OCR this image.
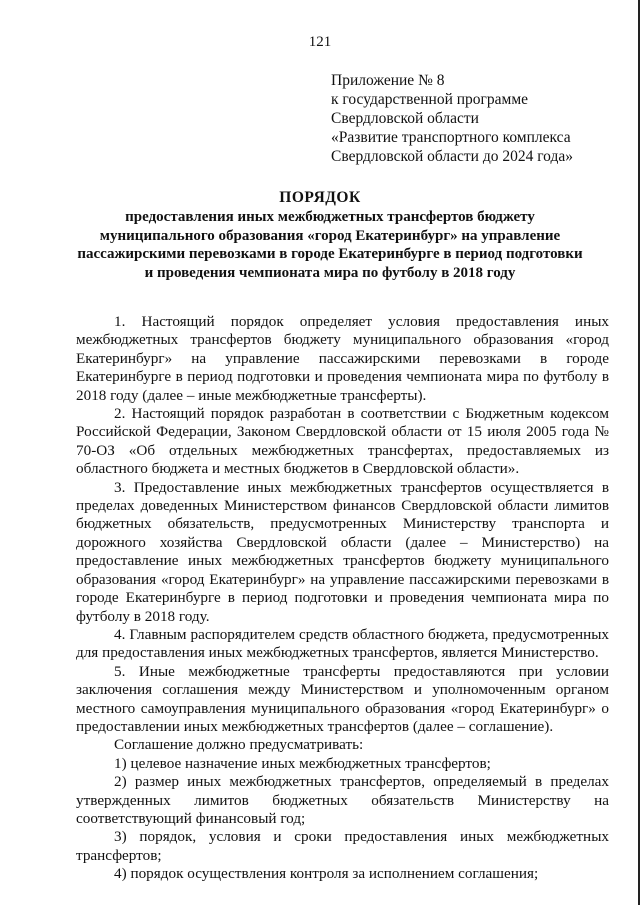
121
Приложение № 8
к государственной программе
Свердловской области
«Развитие транспортного комплекса
Свердловской области до 2024 года»
ПОРЯДОК
предоставления иных межбюджетных трансфертов бюджету
муниципального образования «город Екатеринбург» на управление
пассажирскими перевозками в городе Екатеринбурге в период подготовки
и проведения чемпионата мира по футболу в 2018 году

1. Настоящий порядок определяет условия предоставления иных межбюджетных трансфертов бюджету муниципального образования «город Екатеринбург» на управление пассажирскими перевозками в городе Екатеринбурге в период подготовки и проведения чемпионата мира по футболу в 2018 году (далее – иные межбюджетные трансферты).

2. Настоящий порядок разработан в соответствии с Бюджетным кодексом Российской Федерации, Законом Свердловской области от 15 июля 2005 года № 70-ОЗ «Об отдельных межбюджетных трансфертах, предоставляемых из областного бюджета и местных бюджетов в Свердловской области».

3. Предоставление иных межбюджетных трансфертов осуществляется в пределах доведенных Министерством финансов Свердловской области лимитов бюджетных обязательств, предусмотренных Министерству транспорта и дорожного хозяйства Свердловской области (далее – Министерство) на предоставление иных межбюджетных трансфертов бюджету муниципального образования «город Екатеринбург» на управление пассажирскими перевозками в городе Екатеринбурге в период подготовки и проведения чемпионата мира по футболу в 2018 году.

4. Главным распорядителем средств областного бюджета, предусмотренных для предоставления иных межбюджетных трансфертов, является Министерство.

5. Иные межбюджетные трансферты предоставляются при условии заключения соглашения между Министерством и уполномоченным органом местного самоуправления муниципального образования «город Екатеринбург» о предоставлении иных межбюджетных трансфертов (далее – соглашение).

Соглашение должно предусматривать:

1) целевое назначение иных межбюджетных трансфертов;

2) размер иных межбюджетных трансфертов, определяемый в пределах утвержденных лимитов бюджетных обязательств Министерству на соответствующий финансовый год;

3) порядок, условия и сроки предоставления иных межбюджетных трансфертов;

4) порядок осуществления контроля за исполнением соглашения;
